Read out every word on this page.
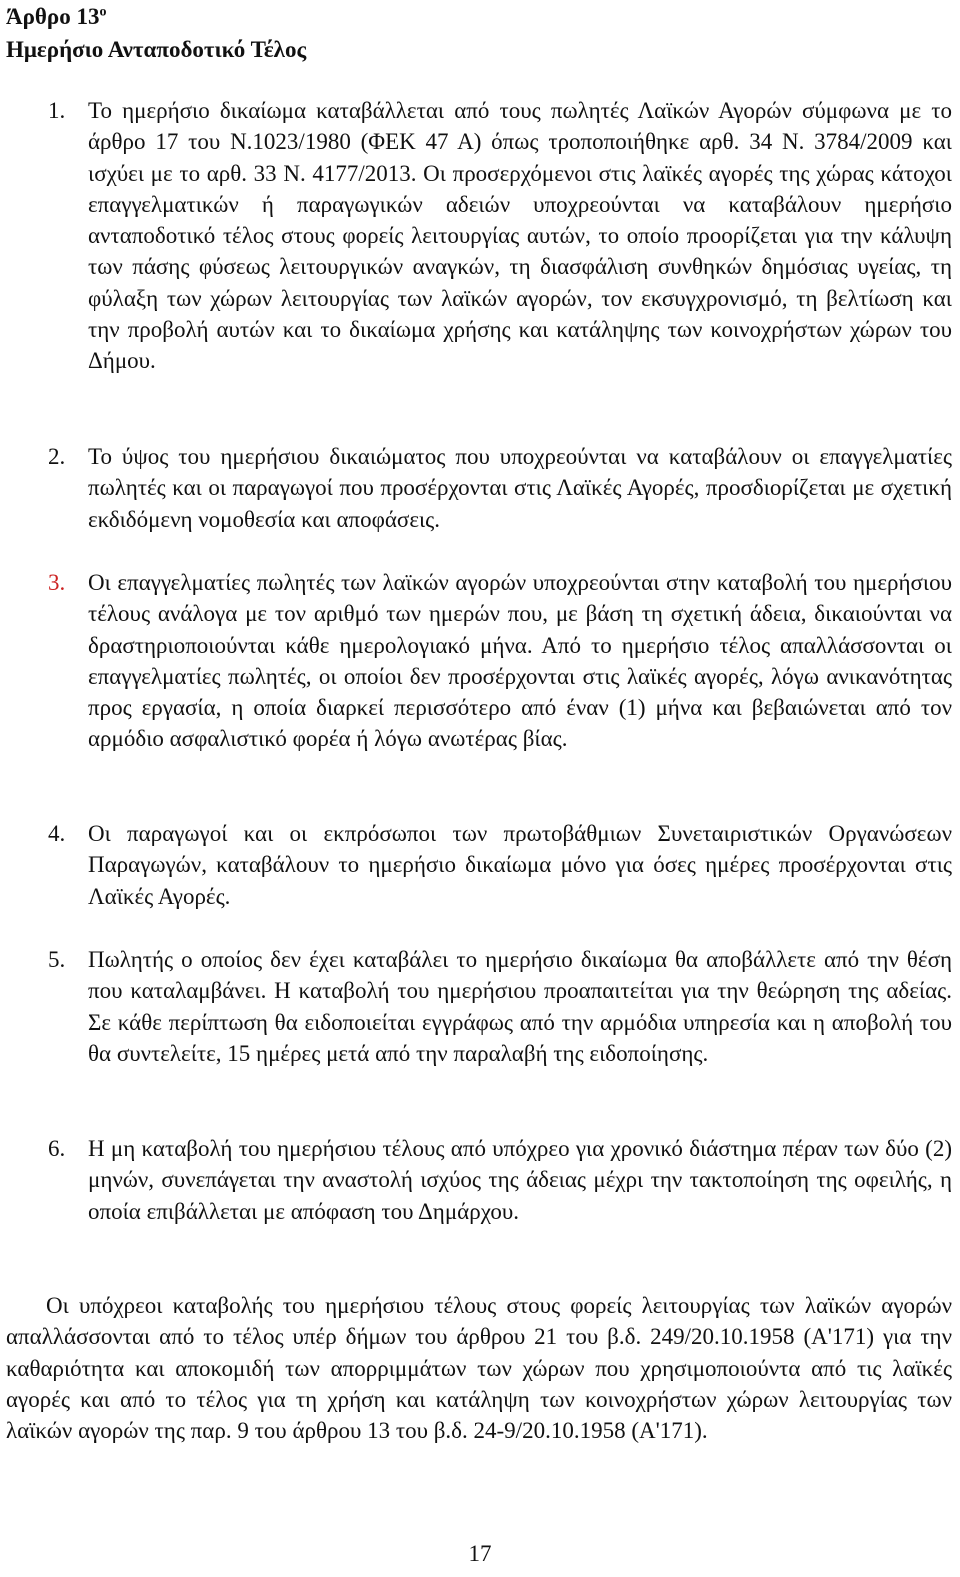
Άρθρο $13^o$
Ημερήσιο Ανταποδοτικό Τέλος
1. Το ημερήσιο δικαίωμα καταβάλλεται από τους πωλητές Λαϊκών Αγορών σύμφωνα με το άρθρο 17 του Ν.1023/1980 (ΦΕΚ 47 Α) όπως τροποποιήθηκε αρθ. 34 Ν. 3784/2009 και ισχύει με το αρθ. 33 Ν. 4177/2013. Οι προσερχόμενοι στις λαϊκές αγορές της χώρας κάτοχοι επαγγελματικών ή παραγωγικών αδειών υποχρεούνται να καταβάλουν ημερήσιο ανταποδοτικό τέλος στους φορείς λειτουργίας αυτών, το οποίο προορίζεται για την κάλυψη των πάσης φύσεως λειτουργικών αναγκών, τη διασφάλιση συνθηκών δημόσιας υγείας, τη φύλαξη των χώρων λειτουργίας των λαϊκών αγορών, τον εκσυγχρονισμό, τη βελτίωση και την προβολή αυτών και το δικαίωμα χρήσης και κατάληψης των κοινοχρήστων χώρων του Δήμου.
2. Το ύψος του ημερήσιου δικαιώματος που υποχρεούνται να καταβάλουν οι επαγγελματίες πωλητές και οι παραγωγοί που προσέρχονται στις Λαϊκές Αγορές, προσδιορίζεται με σχετική εκδιδόμενη νομοθεσία και αποφάσεις.
3. Οι επαγγελματίες πωλητές των λαϊκών αγορών υποχρεούνται στην καταβολή του ημερήσιου τέλους ανάλογα με τον αριθμό των ημερών που, με βάση τη σχετική άδεια, δικαιούνται να δραστηριοποιούνται κάθε ημερολογιακό μήνα. Από το ημερήσιο τέλος απαλλάσσονται οι επαγγελματίες πωλητές, οι οποίοι δεν προσέρχονται στις λαϊκές αγορές, λόγω ανικανότητας προς εργασία, η οποία διαρκεί περισσότερο από έναν (1) μήνα και βεβαιώνεται από τον αρμόδιο ασφαλιστικό φορέα ή λόγω ανωτέρας βίας.
4. Οι παραγωγοί και οι εκπρόσωποι των πρωτοβάθμιων Συνεταιριστικών Οργανώσεων Παραγωγών, καταβάλουν το ημερήσιο δικαίωμα μόνο για όσες ημέρες προσέρχονται στις Λαϊκές Αγορές.
5. Πωλητής ο οποίος δεν έχει καταβάλει το ημερήσιο δικαίωμα θα αποβάλλετε από την θέση που καταλαμβάνει. Η καταβολή του ημερήσιου προαπαιτείται για την θεώρηση της αδείας. Σε κάθε περίπτωση θα ειδοποιείται εγγράφως από την αρμόδια υπηρεσία και η αποβολή του θα συντελείτε, 15 ημέρες μετά από την παραλαβή της ειδοποίησης.
6. Η μη καταβολή του ημερήσιου τέλους από υπόχρεο για χρονικό διάστημα πέραν των δύο (2) μηνών, συνεπάγεται την αναστολή ισχύος της άδειας μέχρι την τακτοποίηση της οφειλής, η οποία επιβάλλεται με απόφαση του Δημάρχου.
Οι υπόχρεοι καταβολής του ημερήσιου τέλους στους φορείς λειτουργίας των λαϊκών αγορών απαλλάσσονται από το τέλος υπέρ δήμων του άρθρου 21 του β.δ. 249/20.10.1958 (Α'171) για την καθαριότητα και αποκομιδή των απορριμμάτων των χώρων που χρησιμοποιούντα από τις λαϊκές αγορές και από το τέλος για τη χρήση και κατάληψη των κοινοχρήστων χώρων λειτουργίας των λαϊκών αγορών της παρ. 9 του άρθρου 13 του β.δ. 24-9/20.10.1958 (Α'171).
17
